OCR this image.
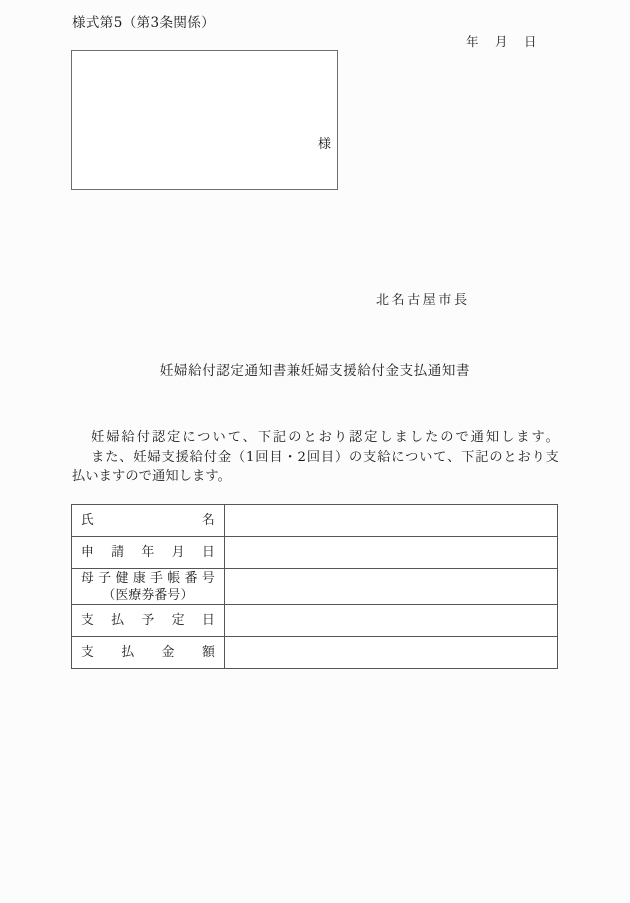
様式第5（第3条関係）
年 月 日
様
北名古屋市長
妊婦給付認定通知書兼妊婦支援給付金支払通知書

妊婦給付認定について、下記のとおり認定しましたので通知します。

また、妊婦支援給付金（1回目・2回目）の支給について、下記のとおり支

払いますので通知します。

氏　　　名	

申請年月日	

母子健康手帳番号
（医療券番号）	

支払予定日	

支払金額	
